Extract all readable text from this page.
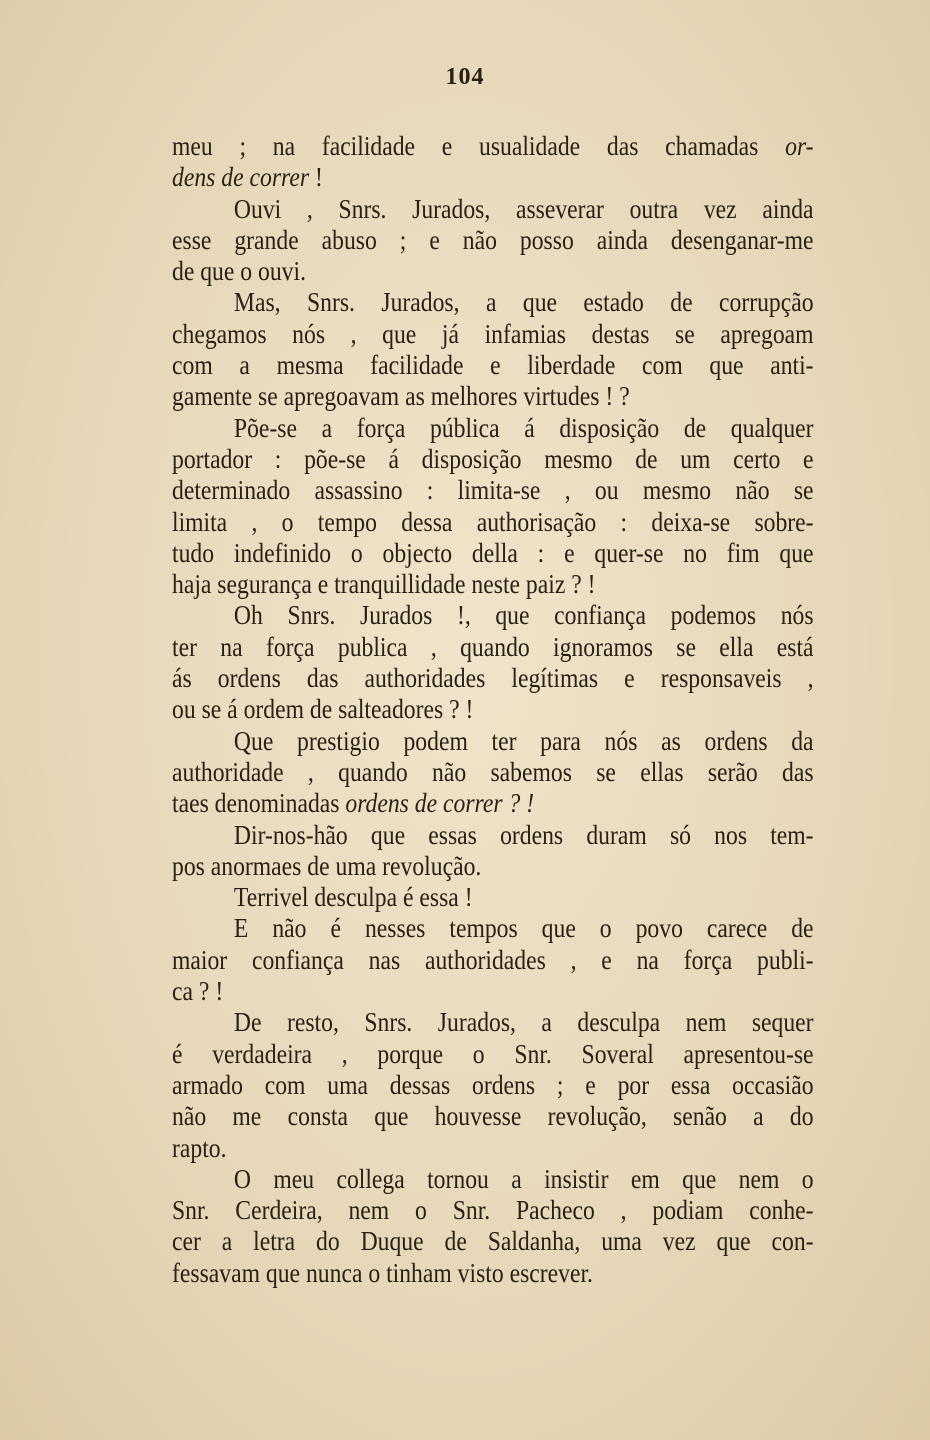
104
meu ; na facilidade e usualidade das chamadas or-
dens de correr !
Ouvi , Snrs. Jurados, asseverar outra vez ainda
esse grande abuso ; e não posso ainda desenganar-me
de que o ouvi.
Mas, Snrs. Jurados, a que estado de corrupção
chegamos nós , que já infamias destas se apregoam
com a mesma facilidade e liberdade com que anti-
gamente se apregoavam as melhores virtudes ! ?
Põe-se a força pública á disposição de qualquer
portador : põe-se á disposição mesmo de um certo e
determinado assassino : limita-se , ou mesmo não se
limita , o tempo dessa authorisação : deixa-se sobre-
tudo indefinido o objecto della : e quer-se no fim que
haja segurança e tranquillidade neste paiz ? !
Oh Snrs. Jurados !, que confiança podemos nós
ter na força publica , quando ignoramos se ella está
ás ordens das authoridades legítimas e responsaveis ,
ou se á ordem de salteadores ? !
Que prestigio podem ter para nós as ordens da
authoridade , quando não sabemos se ellas serão das
taes denominadas ordens de correr ? !
Dir-nos-hão que essas ordens duram só nos tem-
pos anormaes de uma revolução.
Terrivel desculpa é essa !
E não é nesses tempos que o povo carece de
maior confiança nas authoridades , e na força publi-
ca ? !
De resto, Snrs. Jurados, a desculpa nem sequer
é verdadeira , porque o Snr. Soveral apresentou-se
armado com uma dessas ordens ; e por essa occasião
não me consta que houvesse revolução, senão a do
rapto.
O meu collega tornou a insistir em que nem o
Snr. Cerdeira, nem o Snr. Pacheco , podiam conhe-
cer a letra do Duque de Saldanha, uma vez que con-
fessavam que nunca o tinham visto escrever.
